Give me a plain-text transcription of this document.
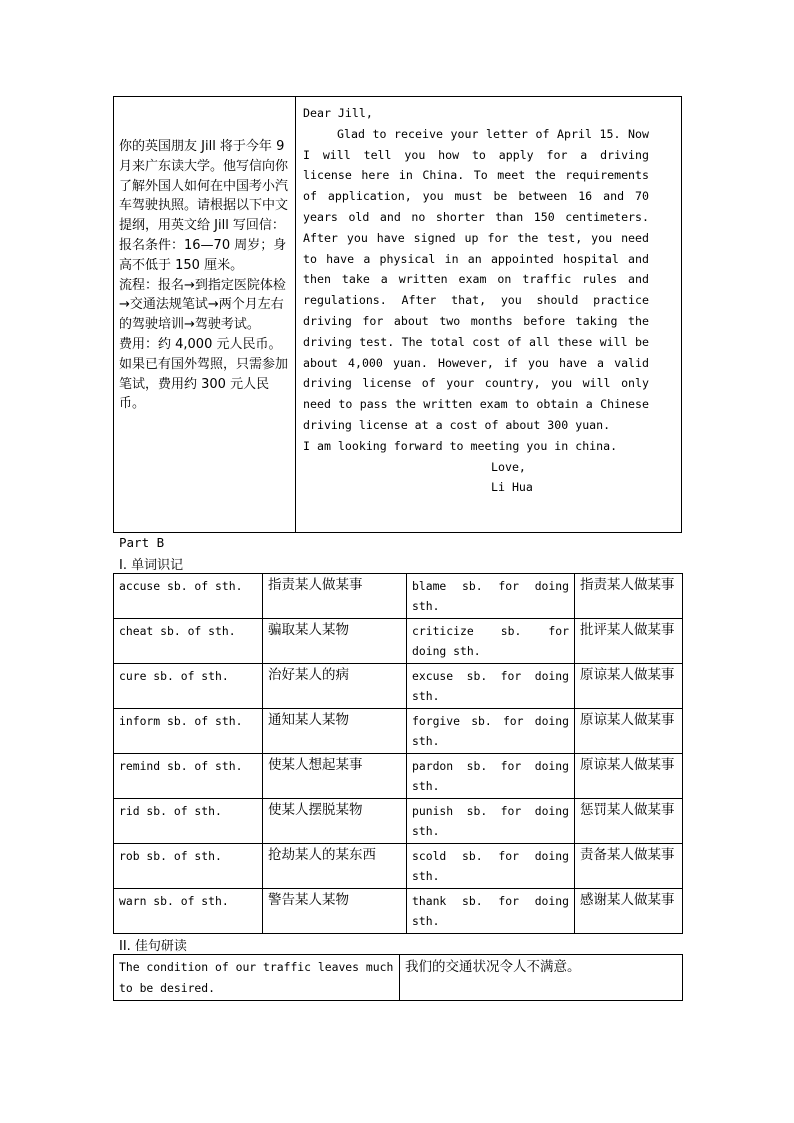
你的英国朋友 Jill 将于今年 9 月来广东读大学。他写信向你了解外国人如何在中国考小汽车驾驶执照。请根据以下中文提纲，用英文给 Jill 写回信：
报名条件：16—70 周岁；身高不低于 150 厘米。
流程：报名→到指定医院体检→交通法规笔试→两个月左右的驾驶培训→驾驶考试。
费用：约 4,000 元人民币。如果已有国外驾照，只需参加笔试，费用约 300 元人民币。
Dear Jill,
Glad to receive your letter of April 15. Now I will tell you how to apply for a driving license here in China. To meet the requirements of application, you must be between 16 and 70 years old and no shorter than 150 centimeters. After you have signed up for the test, you need to have a physical in an appointed hospital and then take a written exam on traffic rules and regulations. After that, you should practice driving for about two months before taking the driving test. The total cost of all these will be about 4,000 yuan. However, if you have a valid driving license of your country, you will only need to pass the written exam to obtain a Chinese driving license at a cost of about 300 yuan.
I am looking forward to meeting you in china.
Love,
Li Hua
Part B
I. 单词识记
accuse sb. of sth.	指责某人做某事	blame sb. for doing sth.	指责某人做某事
cheat sb. of sth.	骗取某人某物	criticize sb. for doing sth.	批评某人做某事
cure sb. of sth.	治好某人的病	excuse sb. for doing sth.	原谅某人做某事
inform sb. of sth.	通知某人某物	forgive sb. for doing sth.	原谅某人做某事
remind sb. of sth.	使某人想起某事	pardon sb. for doing sth.	原谅某人做某事
rid sb. of sth.	使某人摆脱某物	punish sb. for doing sth.	惩罚某人做某事
rob sb. of sth.	抢劫某人的某东西	scold sb. for doing sth.	责备某人做某事
warn sb. of sth.	警告某人某物	thank sb. for doing sth.	感谢某人做某事
II. 佳句研读
The condition of our traffic leaves much to be desired.	我们的交通状况令人不满意。
